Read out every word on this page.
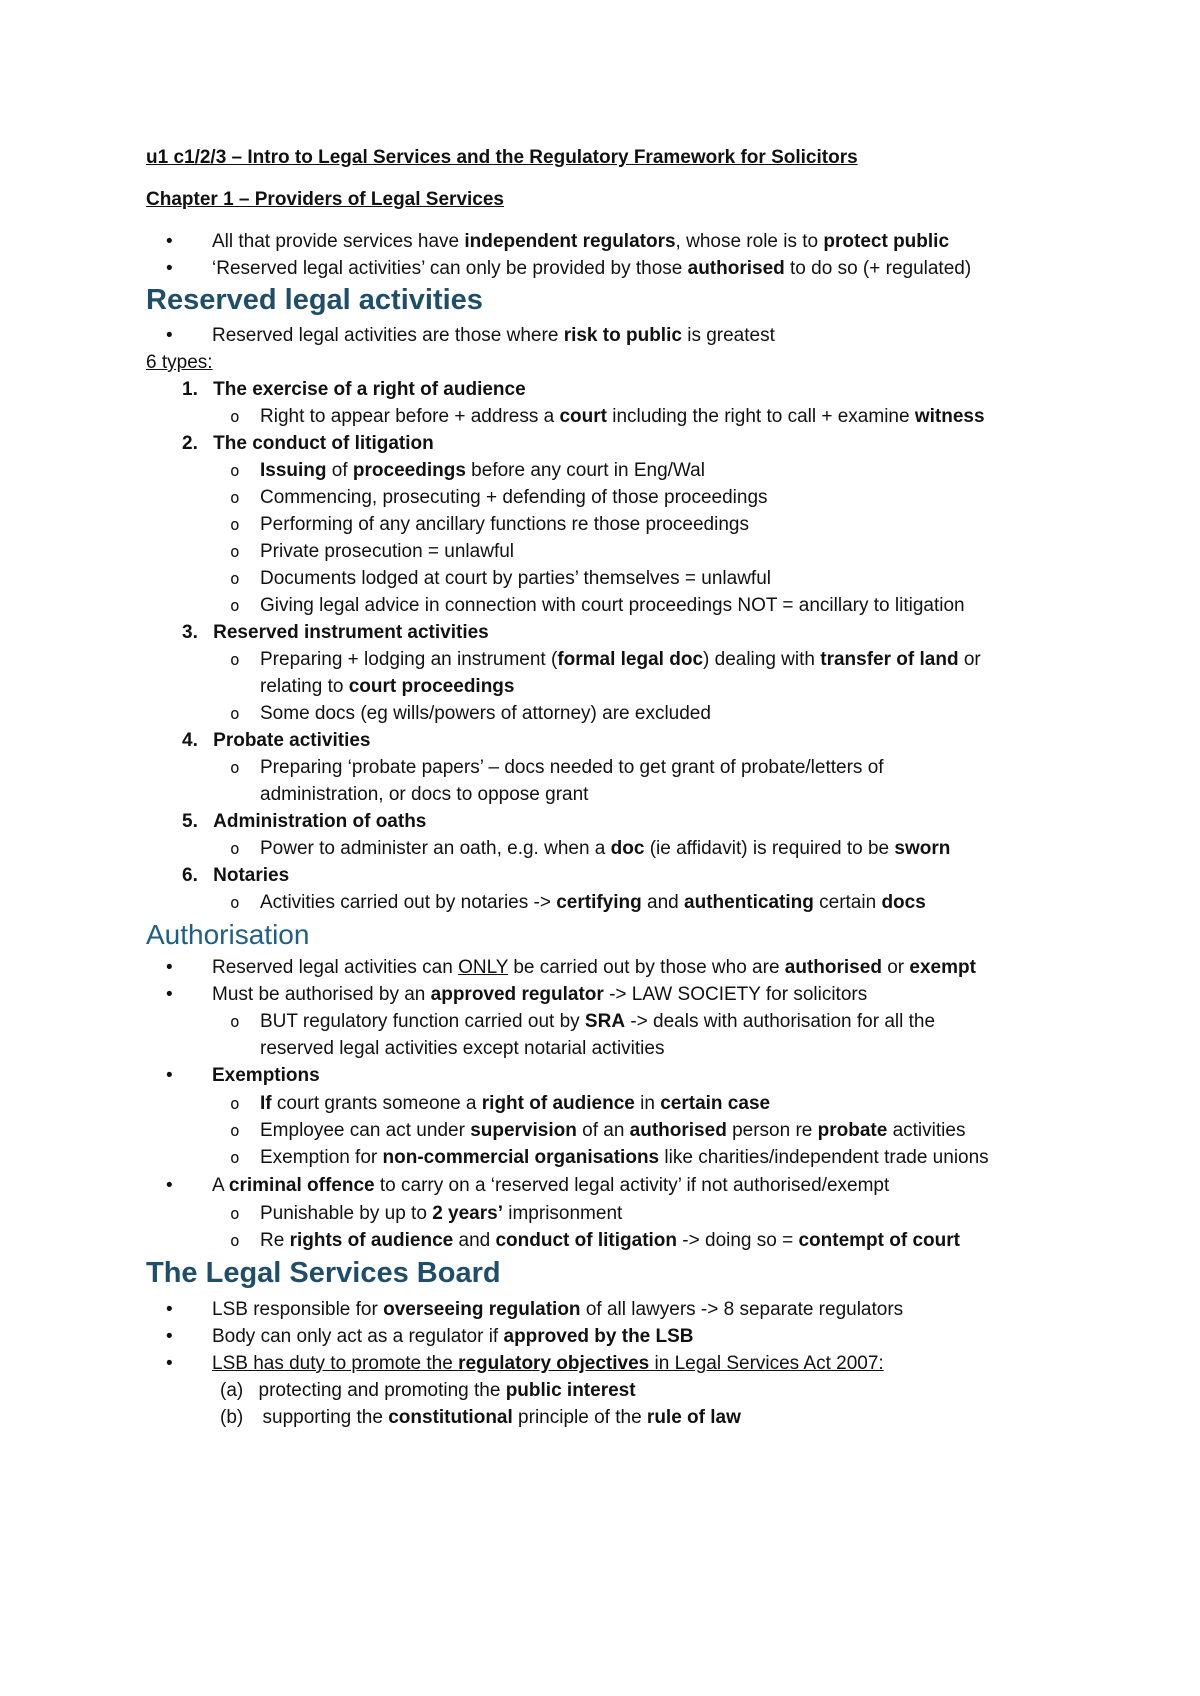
u1 c1/2/3 – Intro to Legal Services and the Regulatory Framework for Solicitors
Chapter 1 – Providers of Legal Services
• All that provide services have independent regulators, whose role is to protect public
• ‘Reserved legal activities’ can only be provided by those authorised to do so (+ regulated)
Reserved legal activities
• Reserved legal activities are those where risk to public is greatest
6 types:
1. The exercise of a right of audience
o Right to appear before + address a court including the right to call + examine witness
2. The conduct of litigation
o Issuing of proceedings before any court in Eng/Wal
o Commencing, prosecuting + defending of those proceedings
o Performing of any ancillary functions re those proceedings
o Private prosecution = unlawful
o Documents lodged at court by parties’ themselves = unlawful
o Giving legal advice in connection with court proceedings NOT = ancillary to litigation
3. Reserved instrument activities
o Preparing + lodging an instrument (formal legal doc) dealing with transfer of land or
relating to court proceedings
o Some docs (eg wills/powers of attorney) are excluded
4. Probate activities
o Preparing ‘probate papers’ – docs needed to get grant of probate/letters of
administration, or docs to oppose grant
5. Administration of oaths
o Power to administer an oath, e.g. when a doc (ie affidavit) is required to be sworn
6. Notaries
o Activities carried out by notaries -> certifying and authenticating certain docs
Authorisation
• Reserved legal activities can ONLY be carried out by those who are authorised or exempt
• Must be authorised by an approved regulator -> LAW SOCIETY for solicitors
o BUT regulatory function carried out by SRA -> deals with authorisation for all the
reserved legal activities except notarial activities
• Exemptions
o If court grants someone a right of audience in certain case
o Employee can act under supervision of an authorised person re probate activities
o Exemption for non-commercial organisations like charities/independent trade unions
• A criminal offence to carry on a ‘reserved legal activity’ if not authorised/exempt
o Punishable by up to 2 years’ imprisonment
o Re rights of audience and conduct of litigation -> doing so = contempt of court
The Legal Services Board
• LSB responsible for overseeing regulation of all lawyers -> 8 separate regulators
• Body can only act as a regulator if approved by the LSB
• LSB has duty to promote the regulatory objectives in Legal Services Act 2007:
(a) protecting and promoting the public interest
(b) supporting the constitutional principle of the rule of law
